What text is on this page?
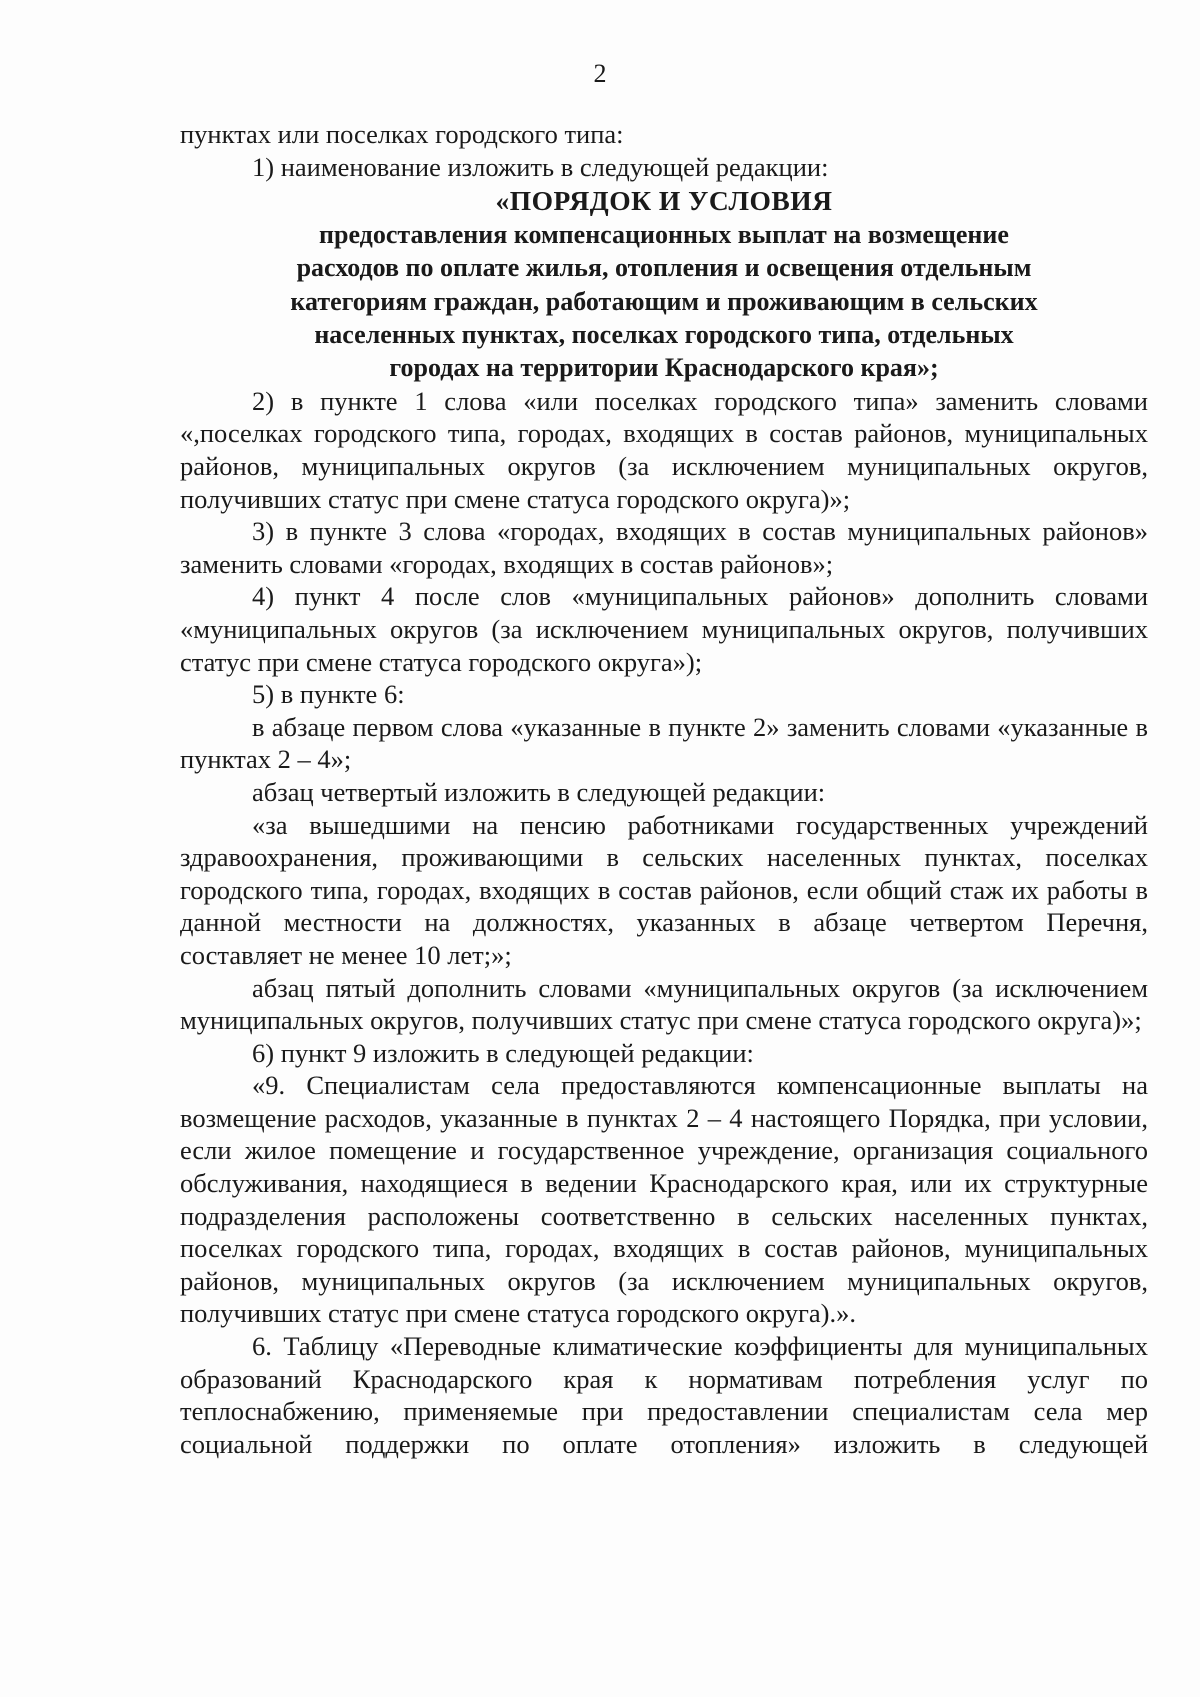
2

пунктах или поселках городского типа:

1) наименование изложить в следующей редакции:

«ПОРЯДОК И УСЛОВИЯ

предоставления компенсационных выплат на возмещение

расходов по оплате жилья, отопления и освещения отдельным

категориям граждан, работающим и проживающим в сельских

населенных пунктах, поселках городского типа, отдельных

городах на территории Краснодарского края»;

2) в пункте 1 слова «или поселках городского типа» заменить словами «,поселках городского типа, городах, входящих в состав районов, муниципальных районов, муниципальных округов (за исключением муниципальных округов, получивших статус при смене статуса городского округа)»;

3) в пункте 3 слова «городах, входящих в состав муниципальных районов» заменить словами «городах, входящих в состав районов»;

4) пункт 4 после слов «муниципальных районов» дополнить словами «муниципальных округов (за исключением муниципальных округов, получивших статус при смене статуса городского округа»);

5) в пункте 6:

в абзаце первом слова «указанные в пункте 2» заменить словами «указанные в пунктах 2 – 4»;

абзац четвертый изложить в следующей редакции:

«за вышедшими на пенсию работниками государственных учреждений здравоохранения, проживающими в сельских населенных пунктах, поселках городского типа, городах, входящих в состав районов, если общий стаж их работы в данной местности на должностях, указанных в абзаце четвертом Перечня, составляет не менее 10 лет;»;

абзац пятый дополнить словами «муниципальных округов (за исключением муниципальных округов, получивших статус при смене статуса городского округа)»;

6) пункт 9 изложить в следующей редакции:

«9. Специалистам села предоставляются компенсационные выплаты на возмещение расходов, указанные в пунктах 2 – 4 настоящего Порядка, при условии, если жилое помещение и государственное учреждение, организация социального обслуживания, находящиеся в ведении Краснодарского края, или их структурные подразделения расположены соответственно в сельских населенных пунктах, поселках городского типа, городах, входящих в состав районов, муниципальных районов, муниципальных округов (за исключением муниципальных округов, получивших статус при смене статуса городского округа).».

6. Таблицу «Переводные климатические коэффициенты для муниципальных образований Краснодарского края к нормативам потребления услуг по теплоснабжению, применяемые при предоставлении специалистам села мер социальной поддержки по оплате отопления» изложить в следующей
